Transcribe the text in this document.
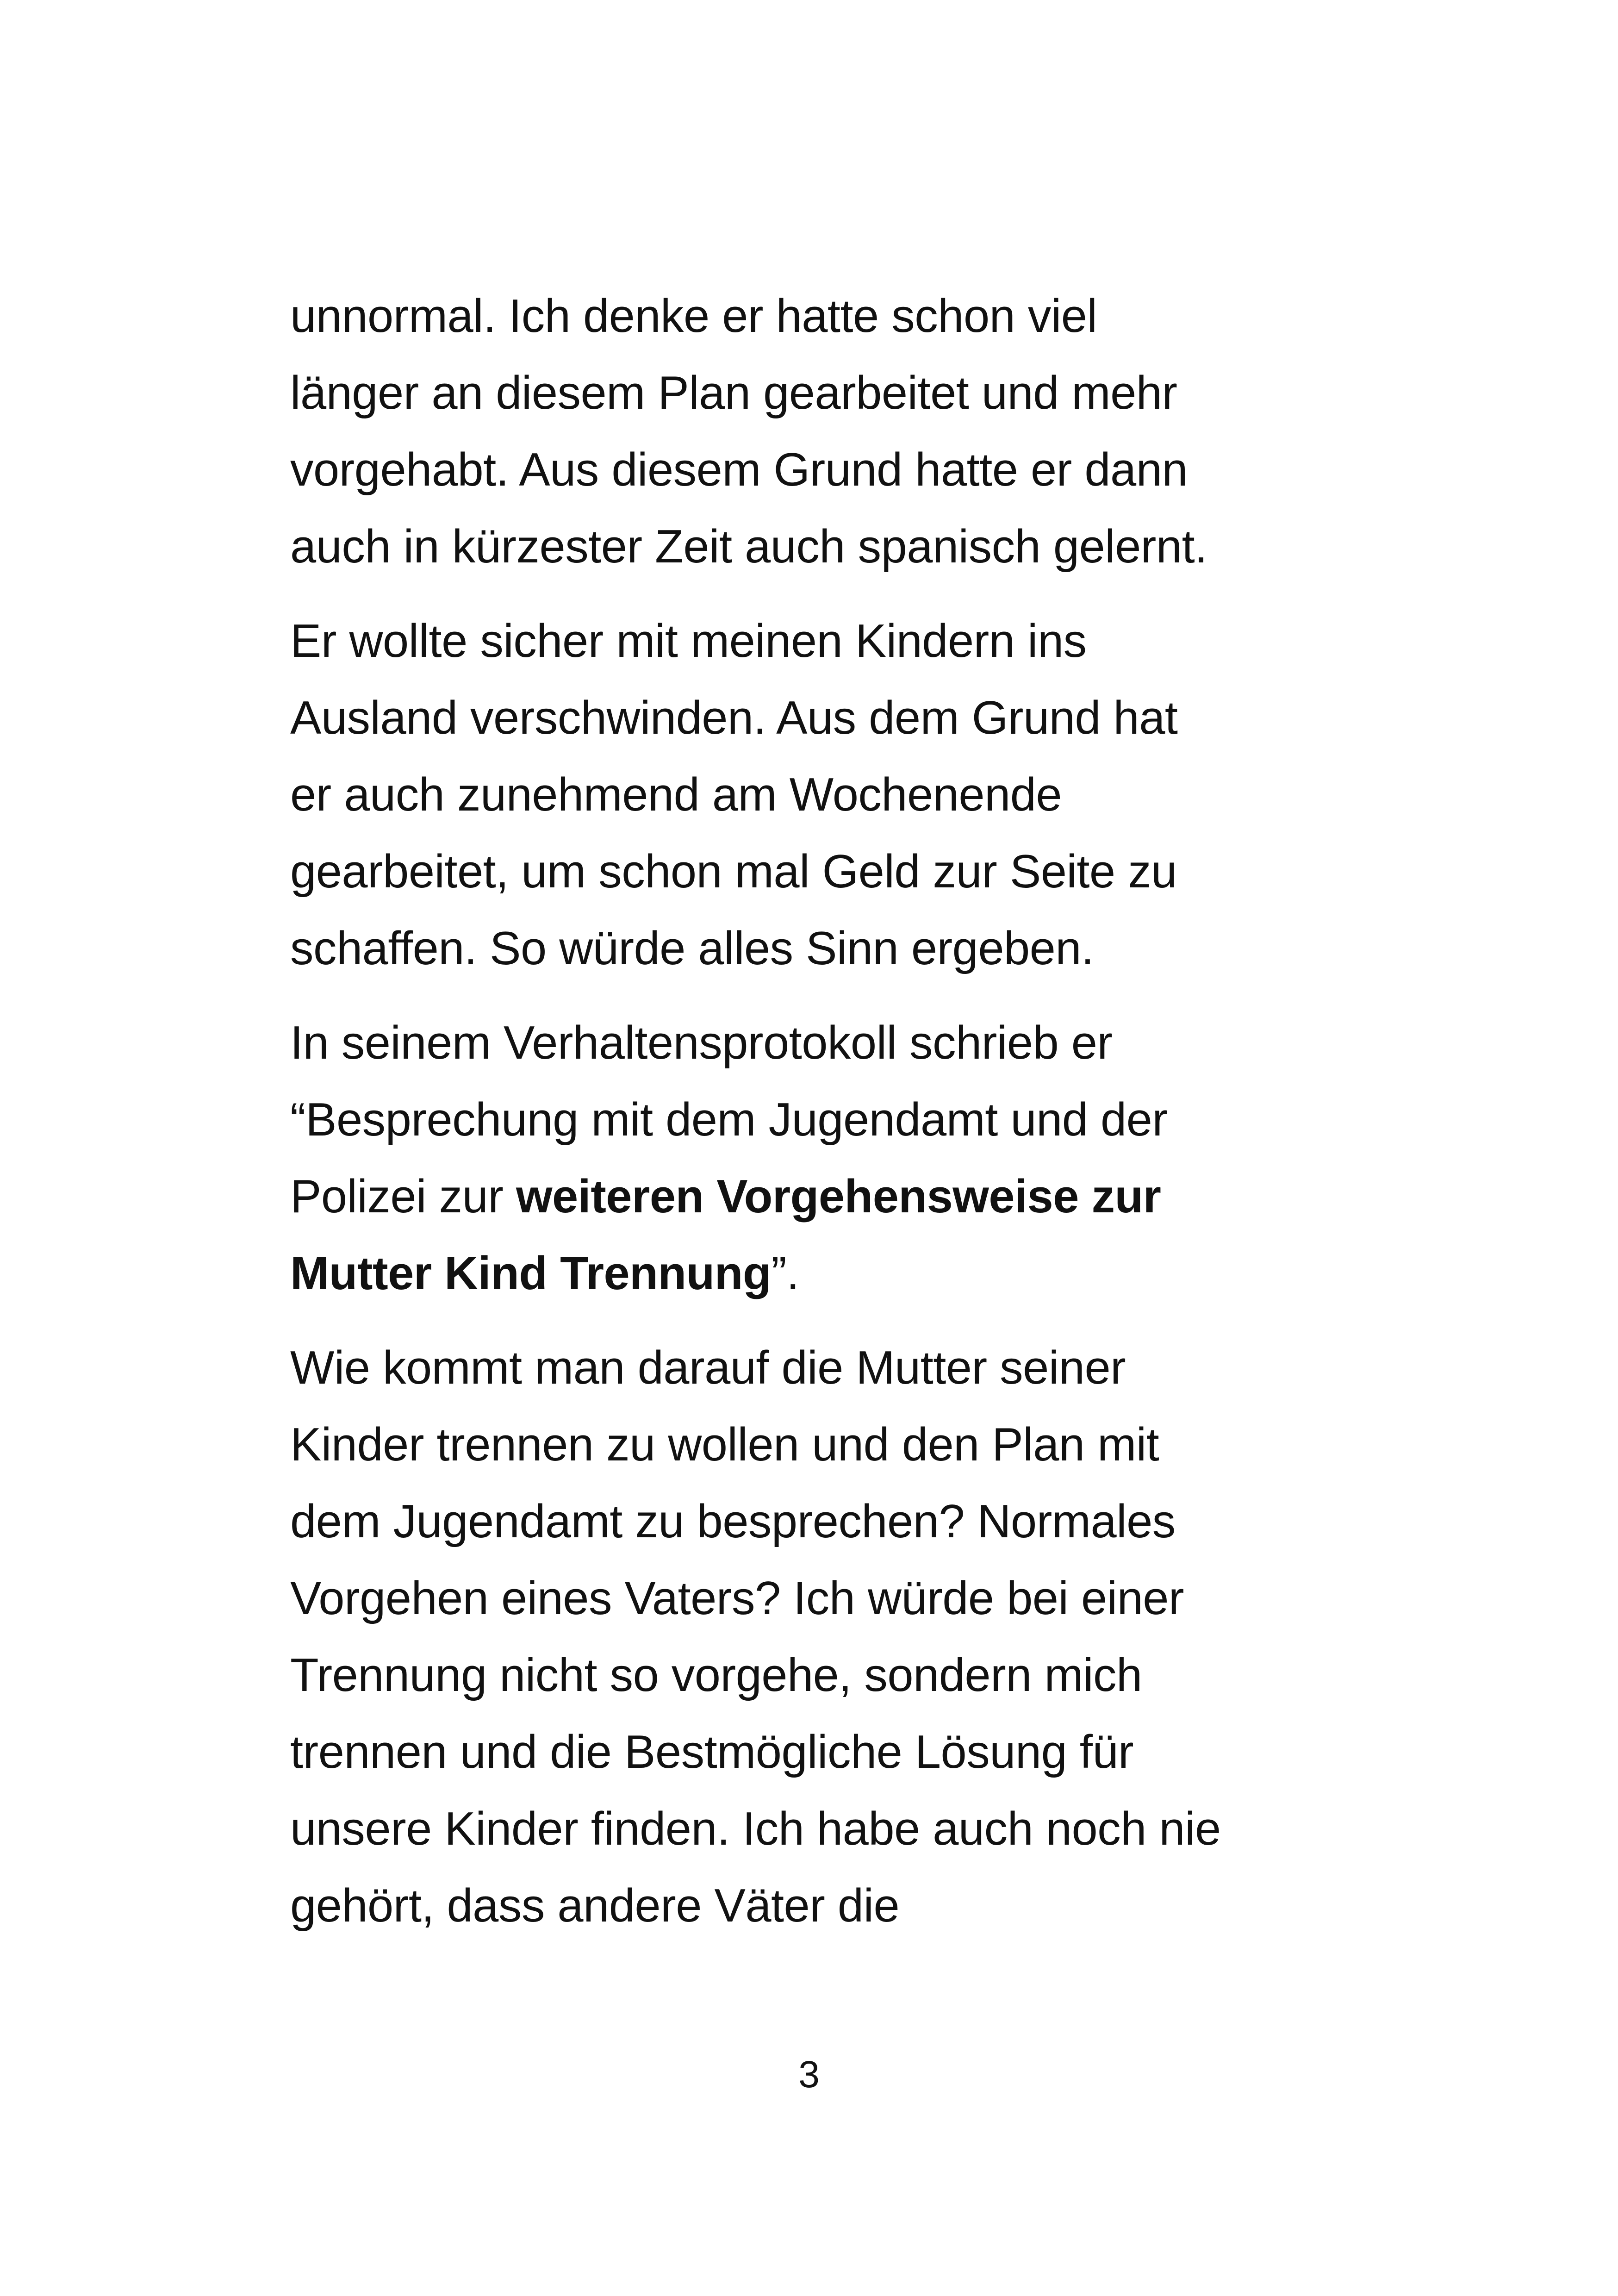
unnormal. Ich denke er hatte schon viel
länger an diesem Plan gearbeitet und mehr
vorgehabt. Aus diesem Grund hatte er dann
auch in kürzester Zeit auch spanisch gelernt.

Er wollte sicher mit meinen Kindern ins
Ausland verschwinden. Aus dem Grund hat
er auch zunehmend am Wochenende
gearbeitet, um schon mal Geld zur Seite zu
schaffen. So würde alles Sinn ergeben.

In seinem Verhaltensprotokoll schrieb er
“Besprechung mit dem Jugendamt und der
Polizei zur weiteren Vorgehensweise zur
Mutter Kind Trennung”.

Wie kommt man darauf die Mutter seiner
Kinder trennen zu wollen und den Plan mit
dem Jugendamt zu besprechen? Normales
Vorgehen eines Vaters? Ich würde bei einer
Trennung nicht so vorgehe, sondern mich
trennen und die Bestmögliche Lösung für
unsere Kinder finden. Ich habe auch noch nie
gehört, dass andere Väter die

3
